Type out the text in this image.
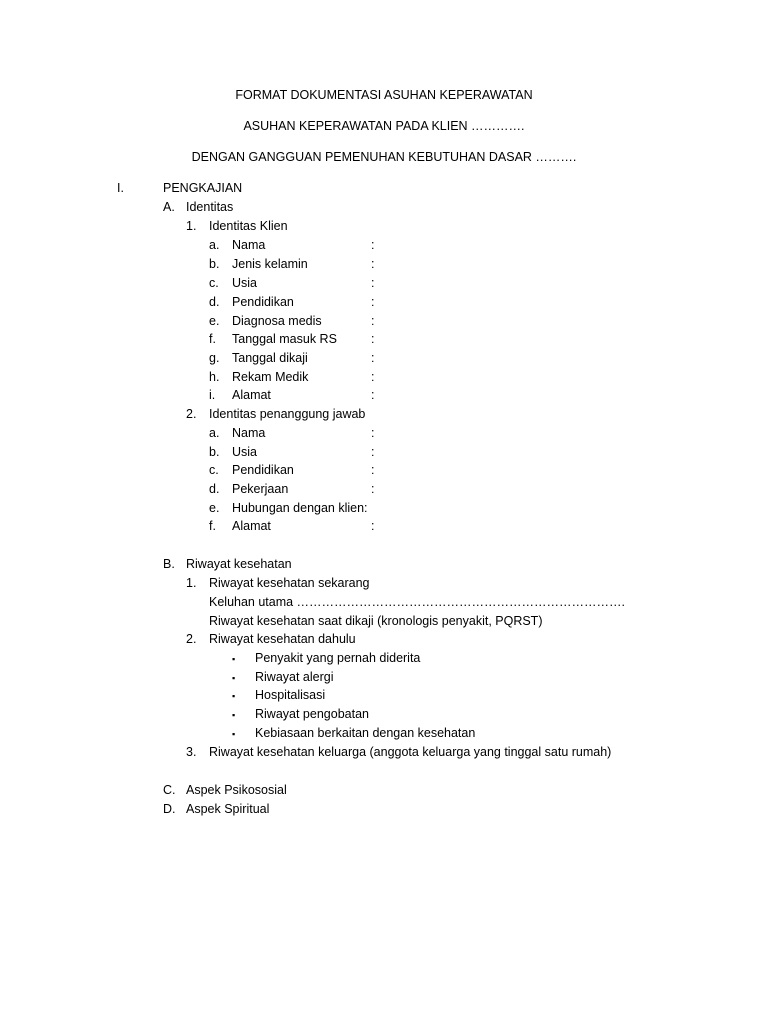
FORMAT DOKUMENTASI ASUHAN KEPERAWATAN
ASUHAN KEPERAWATAN PADA KLIEN ………….
DENGAN GANGGUAN PEMENUHAN KEBUTUHAN DASAR ……….
I.	PENGKAJIAN
A. Identitas
1. Identitas Klien
a. Nama	:
b. Jenis kelamin	:
c. Usia	:
d. Pendidikan	:
e. Diagnosa medis	:
f. Tanggal masuk RS	:
g. Tanggal dikaji	:
h. Rekam Medik	:
i. Alamat	:
2. Identitas penanggung jawab
a. Nama	:
b. Usia	:
c. Pendidikan	:
d. Pekerjaan	:
e. Hubungan dengan klien:
f. Alamat	:
B. Riwayat kesehatan
1. Riwayat kesehatan sekarang
Keluhan utama …………………………………………………………………….
Riwayat kesehatan saat dikaji (kronologis penyakit, PQRST)
2. Riwayat kesehatan dahulu
▪ Penyakit yang pernah diderita
▪ Riwayat alergi
▪ Hospitalisasi
▪ Riwayat pengobatan
▪ Kebiasaan berkaitan dengan kesehatan
3. Riwayat kesehatan keluarga (anggota keluarga yang tinggal satu rumah)
C. Aspek Psikososial
D. Aspek Spiritual
